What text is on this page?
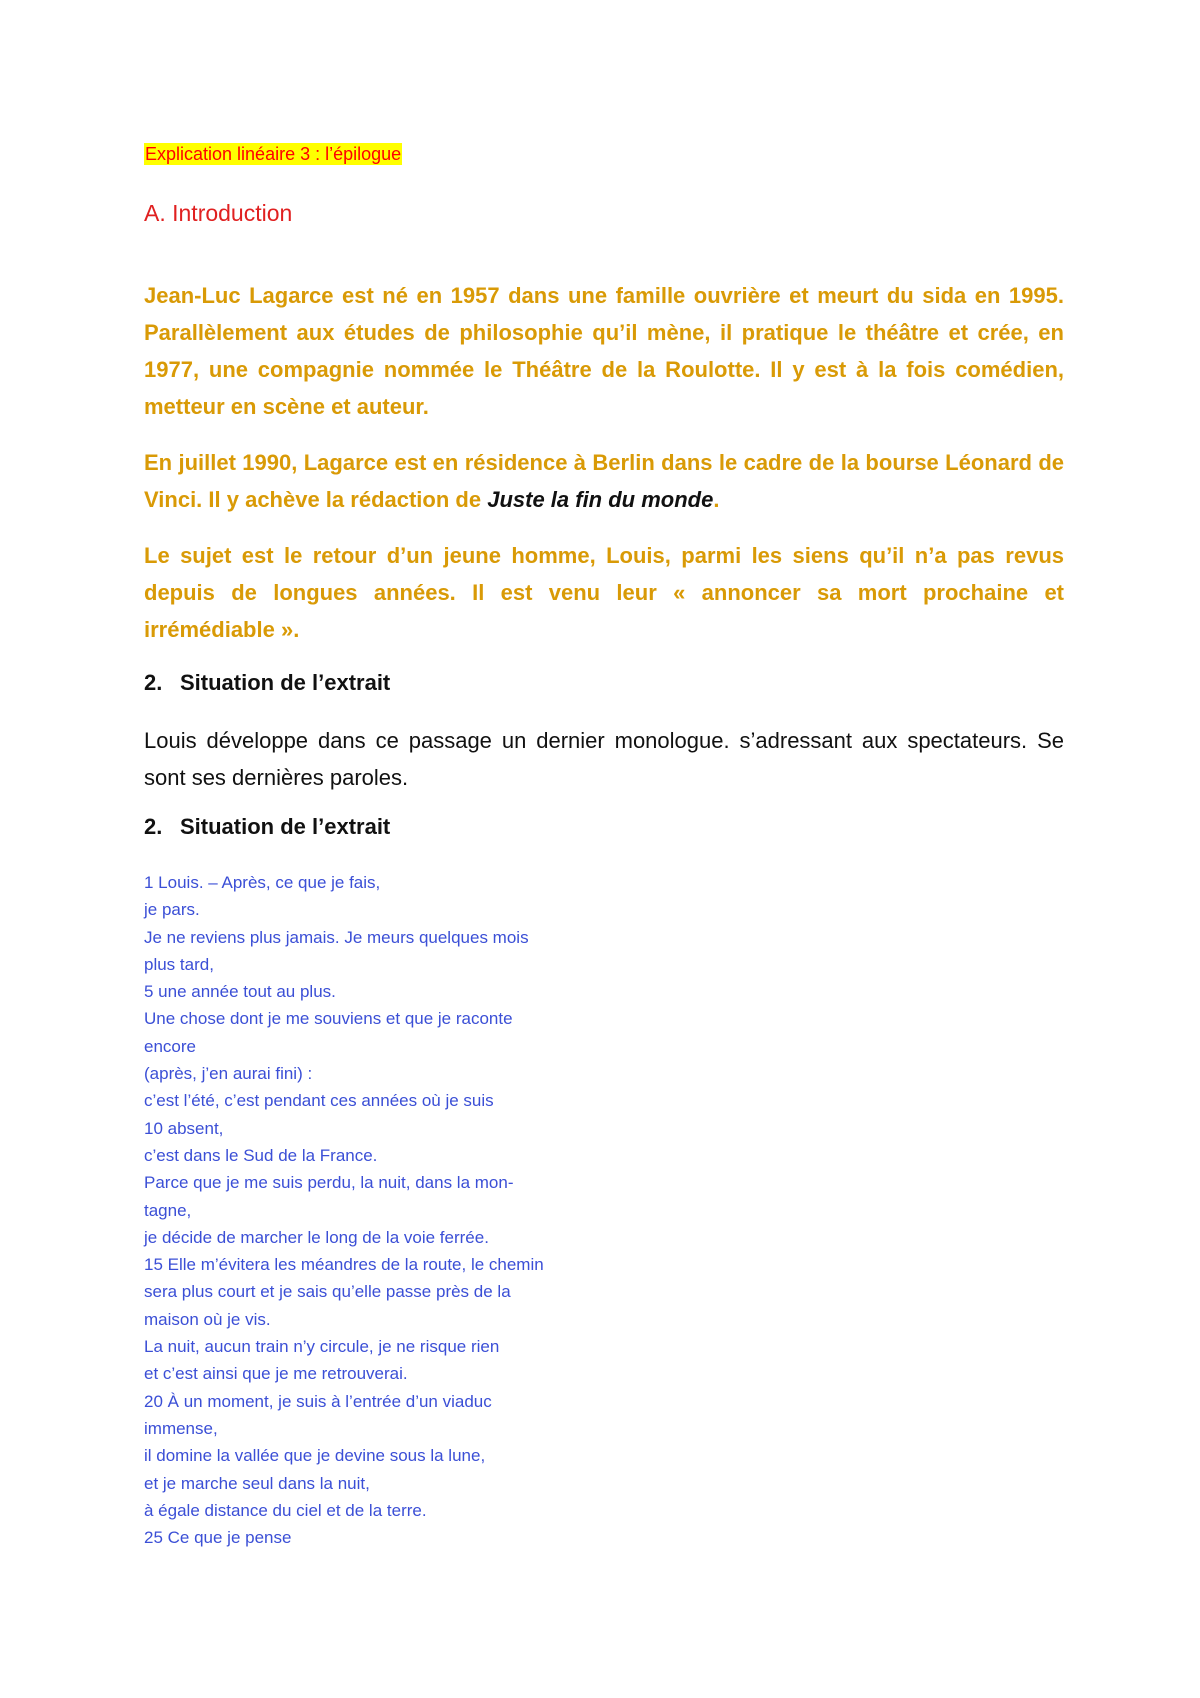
Explication linéaire 3 : l’épilogue
A. Introduction

Jean-Luc Lagarce est né en 1957 dans une famille ouvrière et meurt du sida en 1995. Parallèlement aux études de philosophie qu’il mène, il pratique le théâtre et crée, en 1977, une compagnie nommée le Théâtre de la Roulotte. Il y est à la fois comédien, metteur en scène et auteur.

En juillet 1990, Lagarce est en résidence à Berlin dans le cadre de la bourse Léonard de Vinci. Il y achève la rédaction de Juste la fin du monde.

Le sujet est le retour d’un jeune homme, Louis, parmi les siens qu’il n’a pas revus depuis de longues années. Il est venu leur « annoncer sa mort prochaine et irrémédiable ».

2. Situation de l’extrait

Louis développe dans ce passage un dernier monologue. s’adressant aux spectateurs. Se sont ses dernières paroles.

2. Situation de l’extrait
1 Louis. – Après, ce que je fais,
je pars.
Je ne reviens plus jamais. Je meurs quelques mois
plus tard,
5 une année tout au plus.
Une chose dont je me souviens et que je raconte
encore
(après, j’en aurai fini) :
c’est l’été, c’est pendant ces années où je suis
10 absent,
c’est dans le Sud de la France.
Parce que je me suis perdu, la nuit, dans la mon-
tagne,
je décide de marcher le long de la voie ferrée.
15 Elle m’évitera les méandres de la route, le chemin
sera plus court et je sais qu’elle passe près de la
maison où je vis.
La nuit, aucun train n’y circule, je ne risque rien
et c’est ainsi que je me retrouverai.
20 À un moment, je suis à l’entrée d’un viaduc
immense,
il domine la vallée que je devine sous la lune,
et je marche seul dans la nuit,
à égale distance du ciel et de la terre.
25 Ce que je pense
